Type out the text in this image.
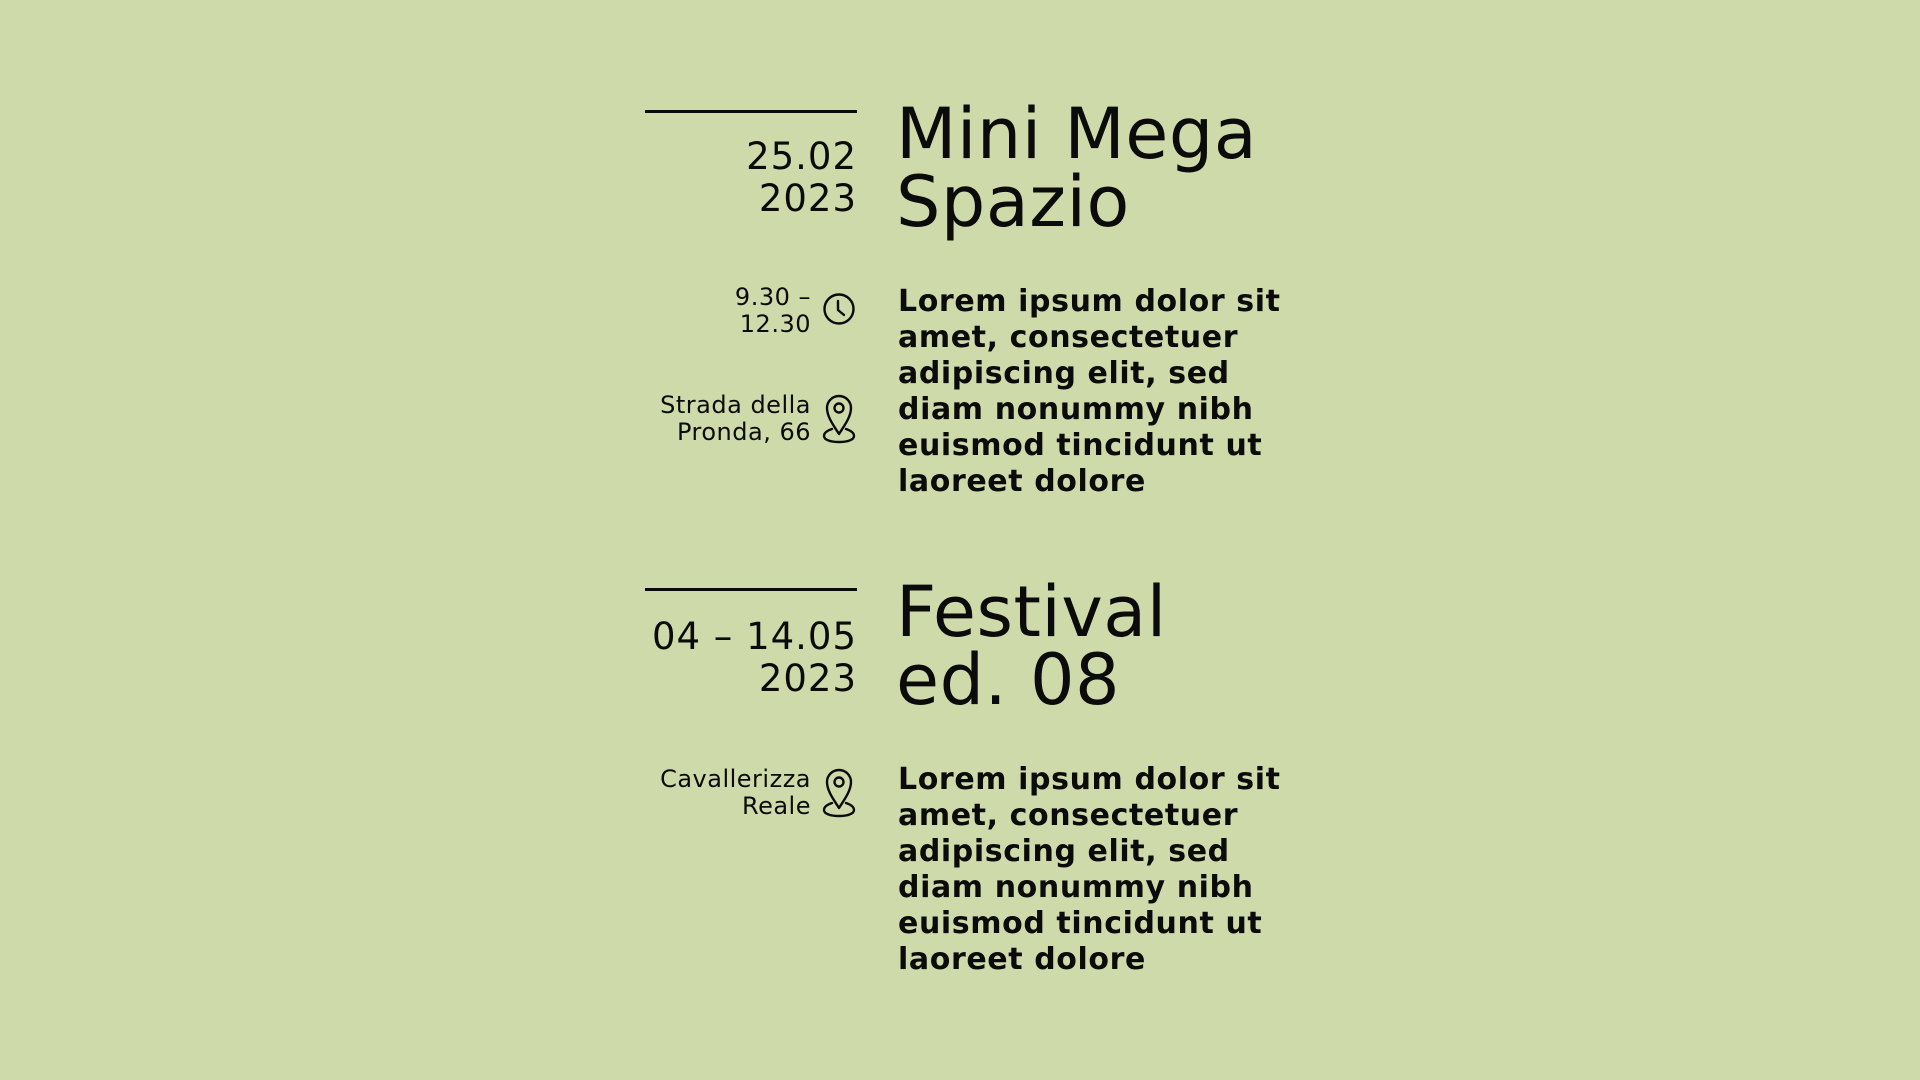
25.02
2023
Mini Mega
Spazio
9.30 –
12.30
Strada della
Pronda, 66
Lorem ipsum dolor sit
amet, consectetuer
adipiscing elit, sed
diam nonummy nibh
euismod tincidunt ut
laoreet dolore
04 – 14.05
2023
Festival
ed. 08
Cavallerizza
Reale
Lorem ipsum dolor sit
amet, consectetuer
adipiscing elit, sed
diam nonummy nibh
euismod tincidunt ut
laoreet dolore
